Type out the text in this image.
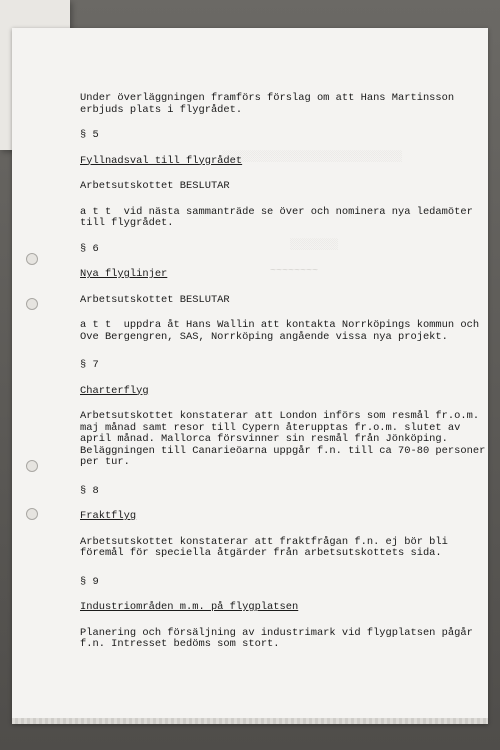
░░░░░░░░░░░░░░░░░░░░░░░░░░░░░░
░░░░░░░░
~~~~~~~~
Under överläggningen framförs förslag om att Hans Martinsson
erbjuds plats i flygrådet.
§ 5
Fyllnadsval till flygrådet
Arbetsutskottet BESLUTAR
a t t  vid nästa sammanträde se över och nominera nya ledamöter
till flygrådet.
§ 6
Nya flyglinjer
Arbetsutskottet BESLUTAR
a t t  uppdra åt Hans Wallin att kontakta Norrköpings kommun och
Ove Bergengren, SAS, Norrköping angående vissa nya projekt.
§ 7
Charterflyg
Arbetsutskottet konstaterar att London införs som resmål fr.o.m.
maj månad samt resor till Cypern återupptas fr.o.m. slutet av
april månad. Mallorca försvinner sin resmål från Jönköping.
Beläggningen till Canarieöarna uppgår f.n. till ca 70-80 personer
per tur.
§ 8
Fraktflyg
Arbetsutskottet konstaterar att fraktfrågan f.n. ej bör bli
föremål för speciella åtgärder från arbetsutskottets sida.
§ 9
Industriområden m.m. på flygplatsen
Planering och försäljning av industrimark vid flygplatsen pågår
f.n. Intresset bedöms som stort.
